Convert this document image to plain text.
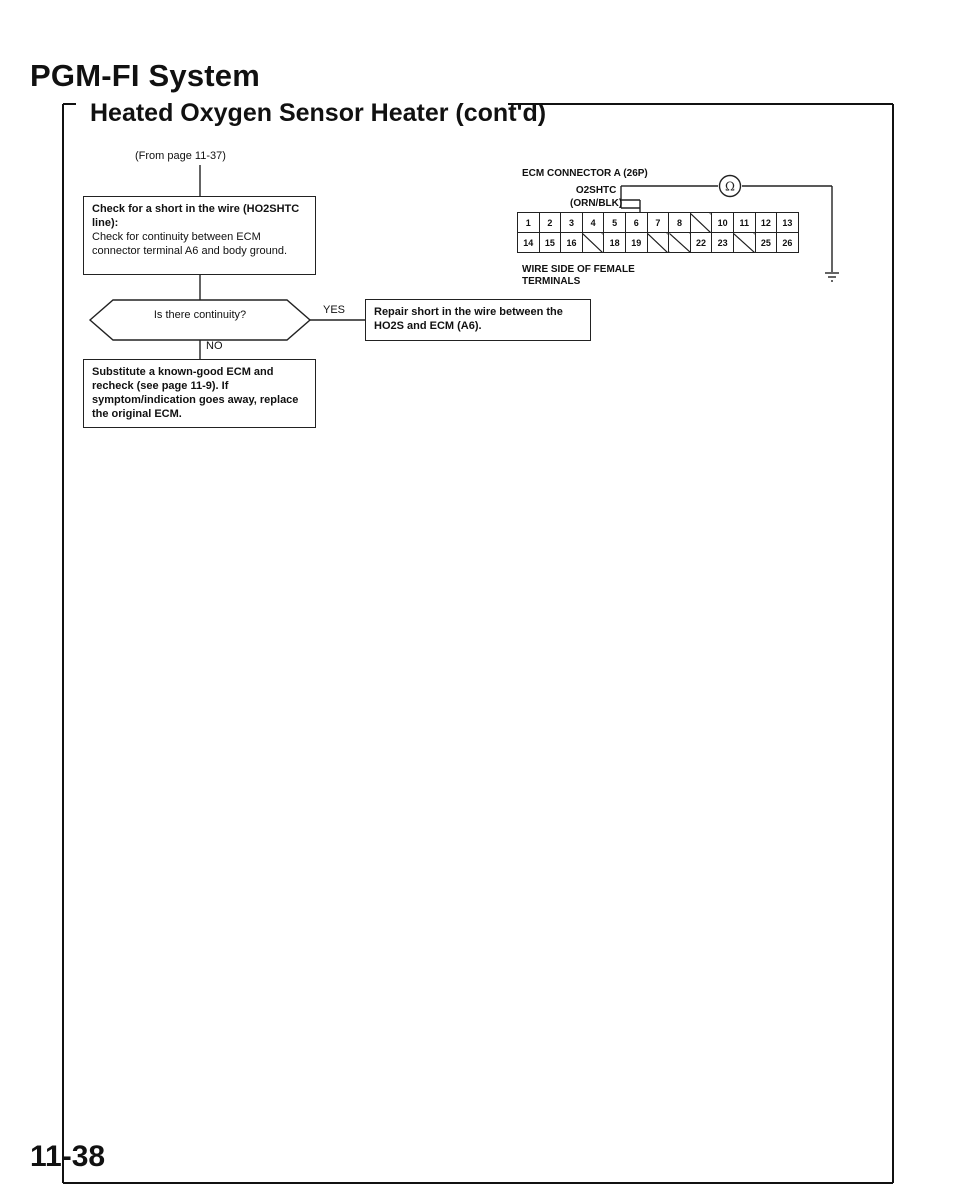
Ω
PGM-FI System
Heated Oxygen Sensor Heater (cont'd)
(From page 11-37)
Check for a short in the wire (HO2SHTC line):
Check for continuity between ECM connector terminal A6 and body ground.
Is there continuity?	YES
NO
Repair short in the wire between the HO2S and ECM (A6).
Substitute a known-good ECM and recheck (see page 11-9). If symptom/indication goes away, replace the original ECM.
ECM CONNECTOR A (26P)
O2SHTC
(ORN/BLK)
1	2	3	4	5	6	7	8		10	11	12	13
14	15	16		18	19			22	23		25	26
WIRE SIDE OF FEMALE
TERMINALS
11-38
